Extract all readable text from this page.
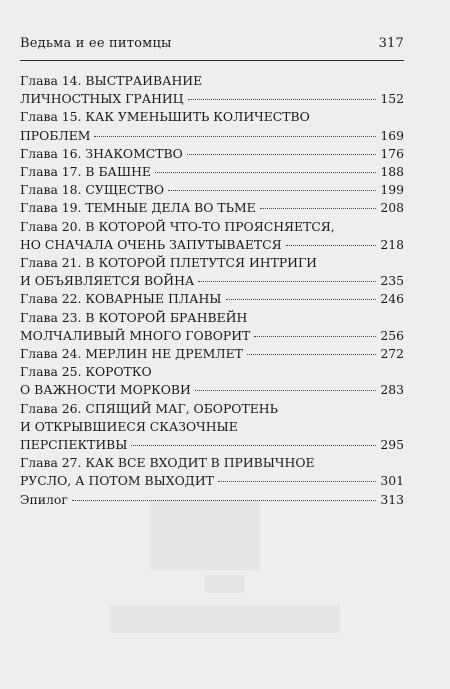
Ведьма и ее питомцы	317
Глава 14. ВЫСТРАИВАНИЕ
ЛИЧНОСТНЫХ ГРАНИЦ	152
Глава 15. КАК УМЕНЬШИТЬ КОЛИЧЕСТВО
ПРОБЛЕМ	169
Глава 16. ЗНАКОМСТВО	176
Глава 17. В БАШНЕ	188
Глава 18. СУЩЕСТВО	199
Глава 19. ТЕМНЫЕ ДЕЛА ВО ТЬМЕ	208
Глава 20. В КОТОРОЙ ЧТО-ТО ПРОЯСНЯЕТСЯ,
НО СНАЧАЛА ОЧЕНЬ ЗАПУТЫВАЕТСЯ	218
Глава 21. В КОТОРОЙ ПЛЕТУТСЯ ИНТРИГИ
И ОБЪЯВЛЯЕТСЯ ВОЙНА	235
Глава 22. КОВАРНЫЕ ПЛАНЫ	246
Глава 23. В КОТОРОЙ БРАНВЕЙН
МОЛЧАЛИВЫЙ МНОГО ГОВОРИТ	256
Глава 24. МЕРЛИН НЕ ДРЕМЛЕТ	272
Глава 25. КОРОТКО
О ВАЖНОСТИ МОРКОВИ	283
Глава 26. СПЯЩИЙ МАГ, ОБОРОТЕНЬ
И ОТКРЫВШИЕСЯ СКАЗОЧНЫЕ
ПЕРСПЕКТИВЫ	295
Глава 27. КАК ВСЕ ВХОДИТ В ПРИВЫЧНОЕ
РУСЛО, А ПОТОМ ВЫХОДИТ	301
Эпилог	313
